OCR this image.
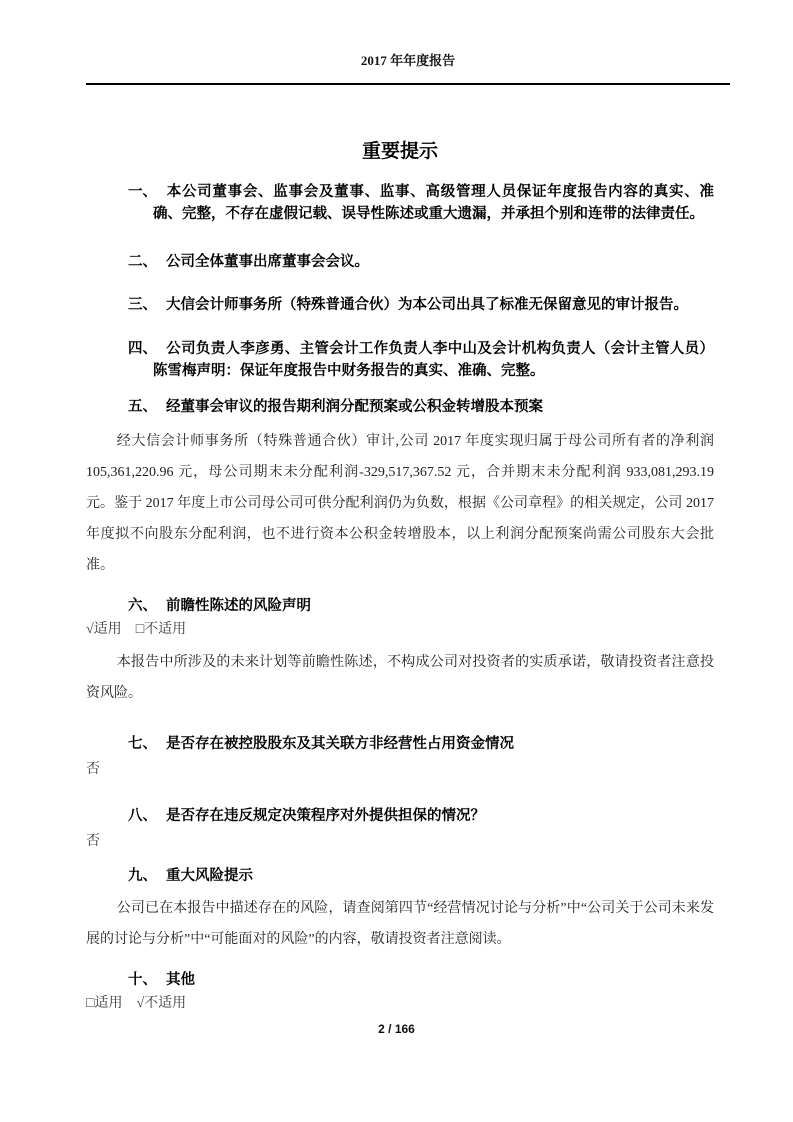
2017 年年度报告
重要提示
一、 本公司董事会、监事会及董事、监事、高级管理人员保证年度报告内容的真实、准确、完整，不存在虚假记载、误导性陈述或重大遗漏，并承担个别和连带的法律责任。
二、 公司全体董事出席董事会会议。
三、 大信会计师事务所（特殊普通合伙）为本公司出具了标准无保留意见的审计报告。
四、 公司负责人李彦勇、主管会计工作负责人李中山及会计机构负责人（会计主管人员）陈雪梅声明：保证年度报告中财务报告的真实、准确、完整。
五、 经董事会审议的报告期利润分配预案或公积金转增股本预案
经大信会计师事务所（特殊普通合伙）审计,公司 2017 年度实现归属于母公司所有者的净利润 105,361,220.96 元，母公司期末未分配利润-329,517,367.52 元，合并期末未分配利润 933,081,293.19 元。鉴于 2017 年度上市公司母公司可供分配利润仍为负数，根据《公司章程》的相关规定，公司 2017 年度拟不向股东分配利润，也不进行资本公积金转增股本，以上利润分配预案尚需公司股东大会批准。
六、 前瞻性陈述的风险声明
√适用 □不适用
本报告中所涉及的未来计划等前瞻性陈述，不构成公司对投资者的实质承诺，敬请投资者注意投资风险。
七、 是否存在被控股股东及其关联方非经营性占用资金情况
否
八、 是否存在违反规定决策程序对外提供担保的情况？
否
九、 重大风险提示
公司已在本报告中描述存在的风险，请查阅第四节“经营情况讨论与分析”中“公司关于公司未来发展的讨论与分析”中“可能面对的风险”的内容，敬请投资者注意阅读。
十、 其他
□适用 √不适用
2 / 166
